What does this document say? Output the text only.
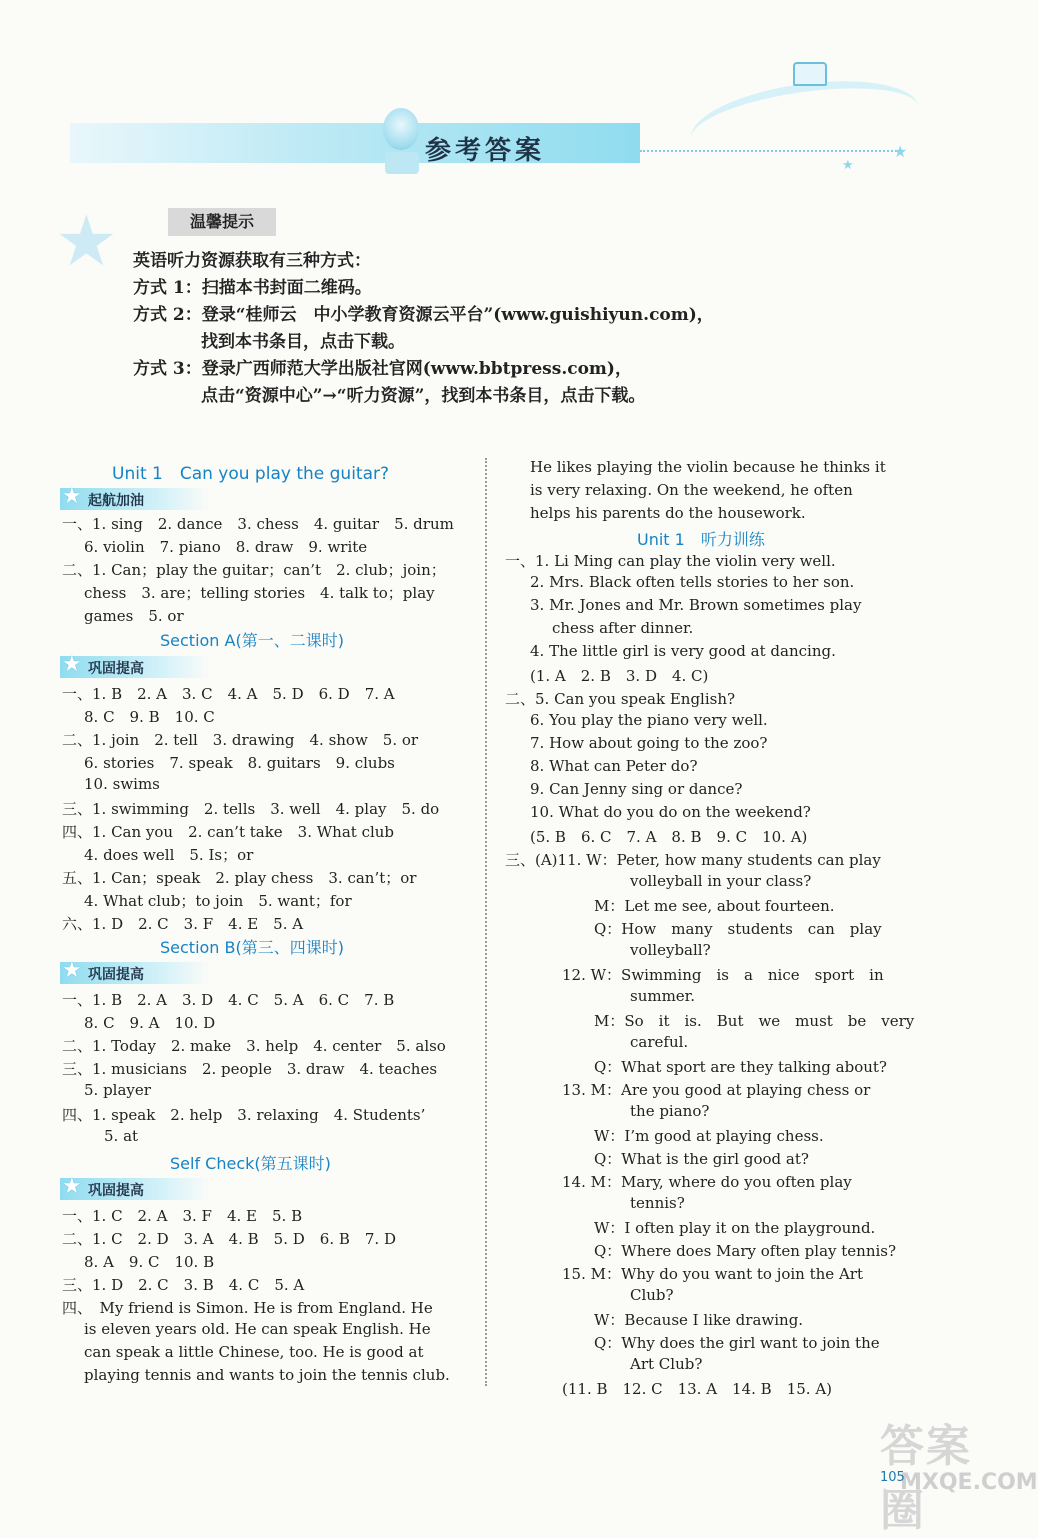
参考答案	★
★
★	温馨提示
英语听力资源获取有三种方式：
方式 1：扫描本书封面二维码。
方式 2：登录“桂师云　中小学教育资源云平台”(www.guishiyun.com)，
找到本书条目，点击下载。
方式 3：登录广西师范大学出版社官网(www.bbtpress.com)，
点击“资源中心”→“听力资源”，找到本书条目，点击下载。
Unit 1　Can you play the guitar?
★ 起航加油
一、1. sing　2. dance　3. chess　4. guitar　5. drum
6. violin　7. piano　8. draw　9. write
二、1. Can；play the guitar；can’t　2. club；join；
chess　3. are；telling stories　4. talk to；play
games　5. or
Section A(第一、二课时)
★ 巩固提高
一、1. B　2. A　3. C　4. A　5. D　6. D　7. A
8. C　9. B　10. C
二、1. join　2. tell　3. drawing　4. show　5. or
6. stories　7. speak　8. guitars　9. clubs
10. swims
三、1. swimming　2. tells　3. well　4. play　5. do
四、1. Can you　2. can’t take　3. What club
4. does well　5. Is；or
五、1. Can；speak　2. play chess　3. can’t；or
4. What club；to join　5. want；for
六、1. D　2. C　3. F　4. E　5. A
Section B(第三、四课时)
★ 巩固提高
一、1. B　2. A　3. D　4. C　5. A　6. C　7. B
8. C　9. A　10. D
二、1. Today　2. make　3. help　4. center　5. also
三、1. musicians　2. people　3. draw　4. teaches
5. player
四、1. speak　2. help　3. relaxing　4. Students’
5. at
Self Check(第五课时)
★ 巩固提高
一、1. C　2. A　3. F　4. E　5. B
二、1. C　2. D　3. A　4. B　5. D　6. B　7. D
8. A　9. C　10. B
三、1. D　2. C　3. B　4. C　5. A
四、　My friend is Simon. He is from England. He
is eleven years old. He can speak English. He
can speak a little Chinese, too. He is good at
playing tennis and wants to join the tennis club.
He likes playing the violin because he thinks it
is very relaxing. On the weekend, he often
helps his parents do the housework.
Unit 1　听力训练
一、1. Li Ming can play the violin very well.
2. Mrs. Black often tells stories to her son.
3. Mr. Jones and Mr. Brown sometimes play
chess after dinner.
4. The little girl is very good at dancing.
(1. A　2. B　3. D　4. C)
二、5. Can you speak English?
6. You play the piano very well.
7. How about going to the zoo?
8. What can Peter do?
9. Can Jenny sing or dance?
10. What do you do on the weekend?
(5. B　6. C　7. A　8. B　9. C　10. A)
三、(A)11. W：Peter, how many students can play
volleyball in your class?
M：Let me see, about fourteen.
Q：How　many　students　can　play
volleyball?
12. W：Swimming　is　a　nice　sport　in
summer.
M：So　it　is.　But　we　must　be　very
careful.
Q：What sport are they talking about?
13. M：Are you good at playing chess or
the piano?
W：I’m good at playing chess.
Q：What is the girl good at?
14. M：Mary, where do you often play
tennis?
W：I often play it on the playground.
Q：Where does Mary often play tennis?
15. M：Why do you want to join the Art
Club?
W：Because I like drawing.
Q：Why does the girl want to join the
Art Club?
(11. B　12. C　13. A　14. B　15. A)
答案圈
MXQE.COM
105
